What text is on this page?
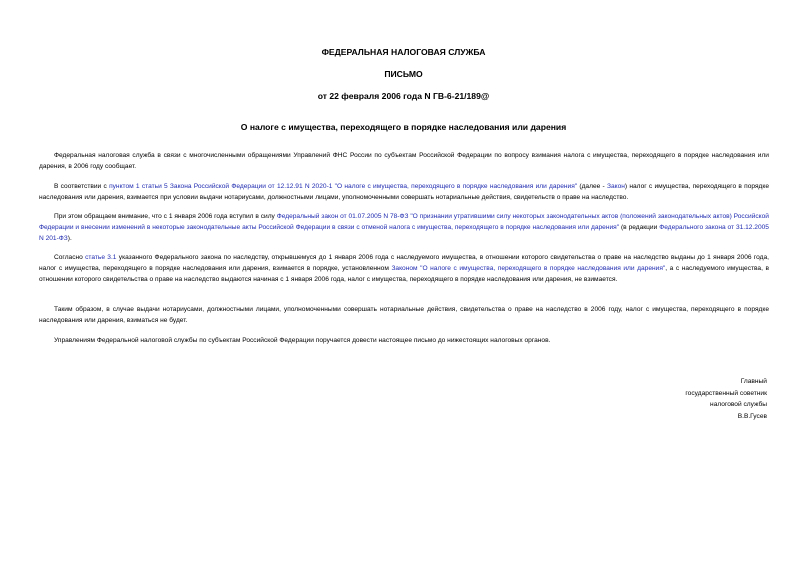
ФЕДЕРАЛЬНАЯ НАЛОГОВАЯ СЛУЖБА
ПИСЬМО
от 22 февраля 2006 года N ГВ-6-21/189@
О налоге с имущества, переходящего в порядке наследования или дарения

Федеральная налоговая служба в связи с многочисленными обращениями Управлений ФНС России по субъектам Российской Федерации по вопросу взимания налога с имущества, переходящего в порядке наследования или дарения, в 2006 году сообщает.

В соответствии с пунктом 1 статьи 5 Закона Российской Федерации от 12.12.91 N 2020-1 "О налоге с имущества, переходящего в порядке наследования или дарения" (далее - Закон) налог с имущества, переходящего в порядке наследования или дарения, взимается при условии выдачи нотариусами, должностными лицами, уполномоченными совершать нотариальные действия, свидетельств о праве на наследство.

При этом обращаем внимание, что с 1 января 2006 года вступил в силу Федеральный закон от 01.07.2005 N 78-ФЗ "О признании утратившими силу некоторых законодательных актов (положений законодательных актов) Российской Федерации и внесении изменений в некоторые законодательные акты Российской Федерации в связи с отменой налога с имущества, переходящего в порядке наследования или дарения" (в редакции Федерального закона от 31.12.2005 N 201-ФЗ).

Согласно статье 3.1 указанного Федерального закона по наследству, открывшемуся до 1 января 2006 года с наследуемого имущества, в отношении которого свидетельства о праве на наследство выданы до 1 января 2006 года, налог с имущества, переходящего в порядке наследования или дарения, взимается в порядке, установленном Законом "О налоге с имущества, переходящего в порядке наследования или дарения", а с наследуемого имущества, в отношении которого свидетельства о праве на наследство выдаются начиная с 1 января 2006 года, налог с имущества, переходящего в порядке наследования или дарения, не взимается.

Таким образом, в случае выдачи нотариусами, должностными лицами, уполномоченными совершать нотариальные действия, свидетельства о праве на наследство в 2006 году, налог с имущества, переходящего в порядке наследования или дарения, взиматься не будет.

Управлениям Федеральной налоговой службы по субъектам Российской Федерации поручается довести настоящее письмо до нижестоящих налоговых органов.

Главный
государственный советник
налоговой службы
В.В.Гусев
